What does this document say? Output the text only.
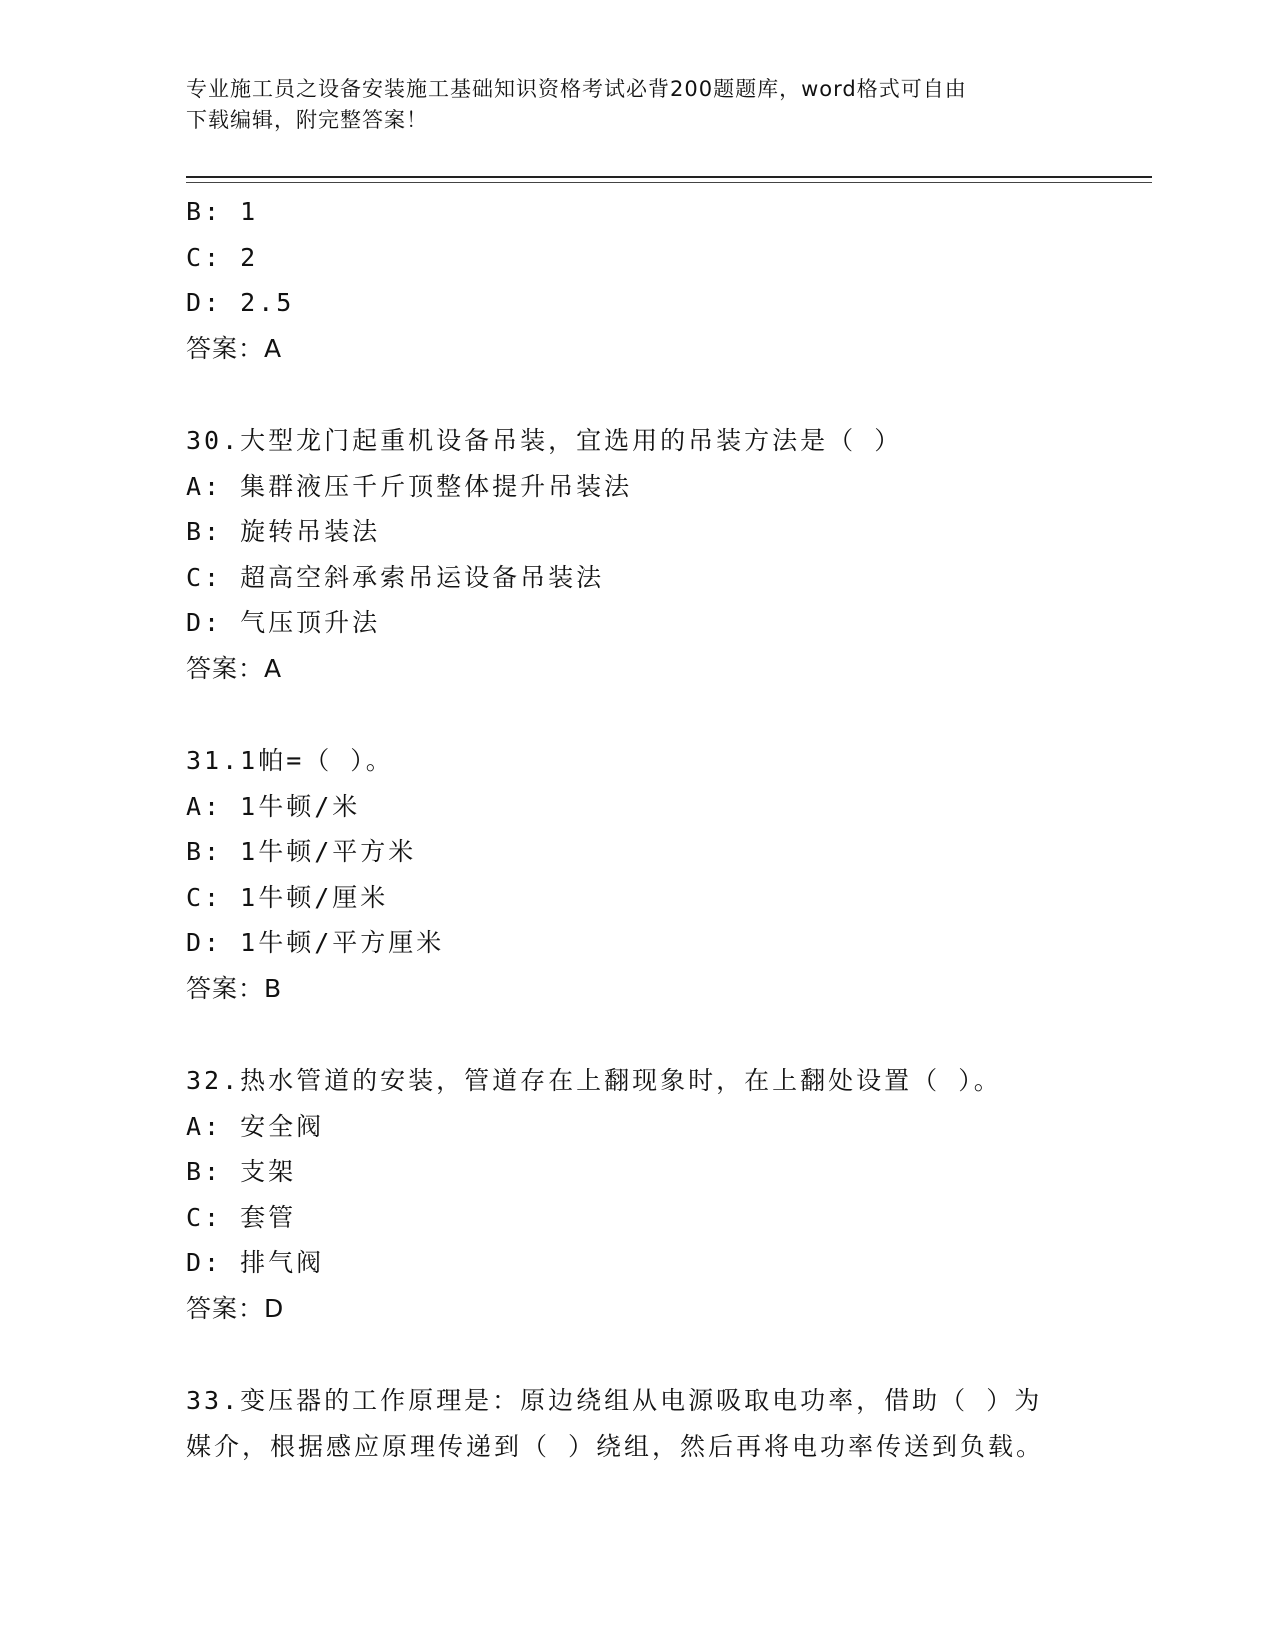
专业施工员之设备安装施工基础知识资格考试必背200题题库，word格式可自由
下载编辑，附完整答案！
B: 1
C: 2
D: 2.5
答案：A
30.大型龙门起重机设备吊装，宜选用的吊装方法是（ ）
A: 集群液压千斤顶整体提升吊装法
B: 旋转吊装法
C: 超高空斜承索吊运设备吊装法
D: 气压顶升法
答案：A
31.1帕=（ ）。
A: 1牛顿/米
B: 1牛顿/平方米
C: 1牛顿/厘米
D: 1牛顿/平方厘米
答案：B
32.热水管道的安装，管道存在上翻现象时，在上翻处设置（ ）。
A: 安全阀
B: 支架
C: 套管
D: 排气阀
答案：D
33.变压器的工作原理是：原边绕组从电源吸取电功率，借助（ ）为
媒介，根据感应原理传递到（ ）绕组，然后再将电功率传送到负载。
